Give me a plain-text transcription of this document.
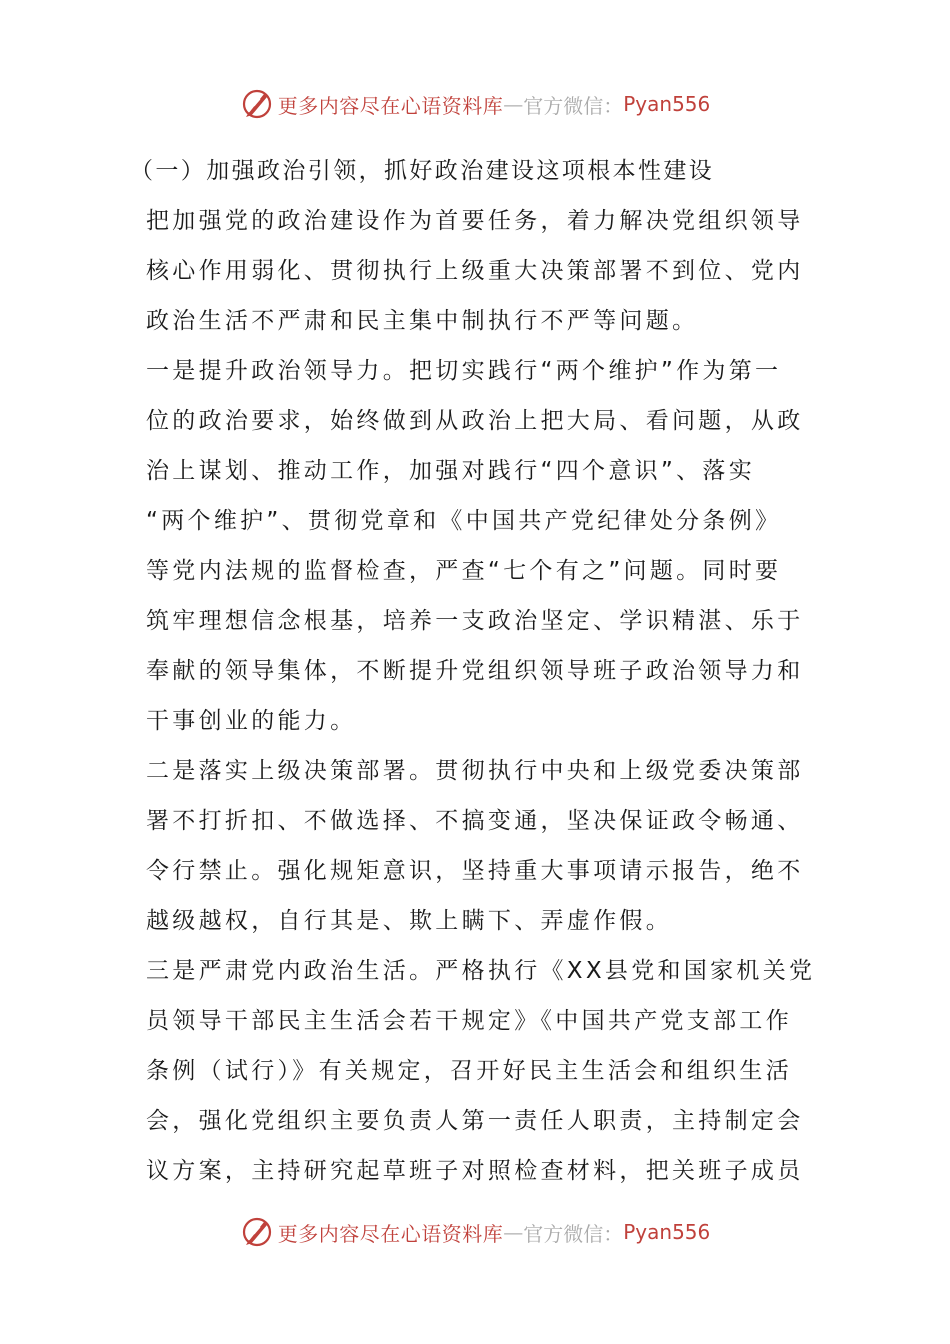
更多内容尽在心语资料库 — 官方微信： Pyan556
（一）加强政治引领，抓好政治建设这项根本性建设
把加强党的政治建设作为首要任务，着力解决党组织领导
核心作用弱化、贯彻执行上级重大决策部署不到位、党内
政治生活不严肃和民主集中制执行不严等问题。
一是提升政治领导力。把切实践行“两个维护”作为第一
位的政治要求，始终做到从政治上把大局、看问题，从政
治上谋划、推动工作，加强对践行“四个意识”、落实
“两个维护”、贯彻党章和《中国共产党纪律处分条例》
等党内法规的监督检查，严查“七个有之”问题。同时要
筑牢理想信念根基，培养一支政治坚定、学识精湛、乐于
奉献的领导集体，不断提升党组织领导班子政治领导力和
干事创业的能力。
二是落实上级决策部署。贯彻执行中央和上级党委决策部
署不打折扣、不做选择、不搞变通，坚决保证政令畅通、
令行禁止。强化规矩意识，坚持重大事项请示报告，绝不
越级越权，自行其是、欺上瞒下、弄虚作假。
三是严肃党内政治生活。严格执行《XX县党和国家机关党
员领导干部民主生活会若干规定》《中国共产党支部工作
条例（试行）》有关规定，召开好民主生活会和组织生活
会，强化党组织主要负责人第一责任人职责，主持制定会
议方案，主持研究起草班子对照检查材料，把关班子成员
更多内容尽在心语资料库 — 官方微信： Pyan556
